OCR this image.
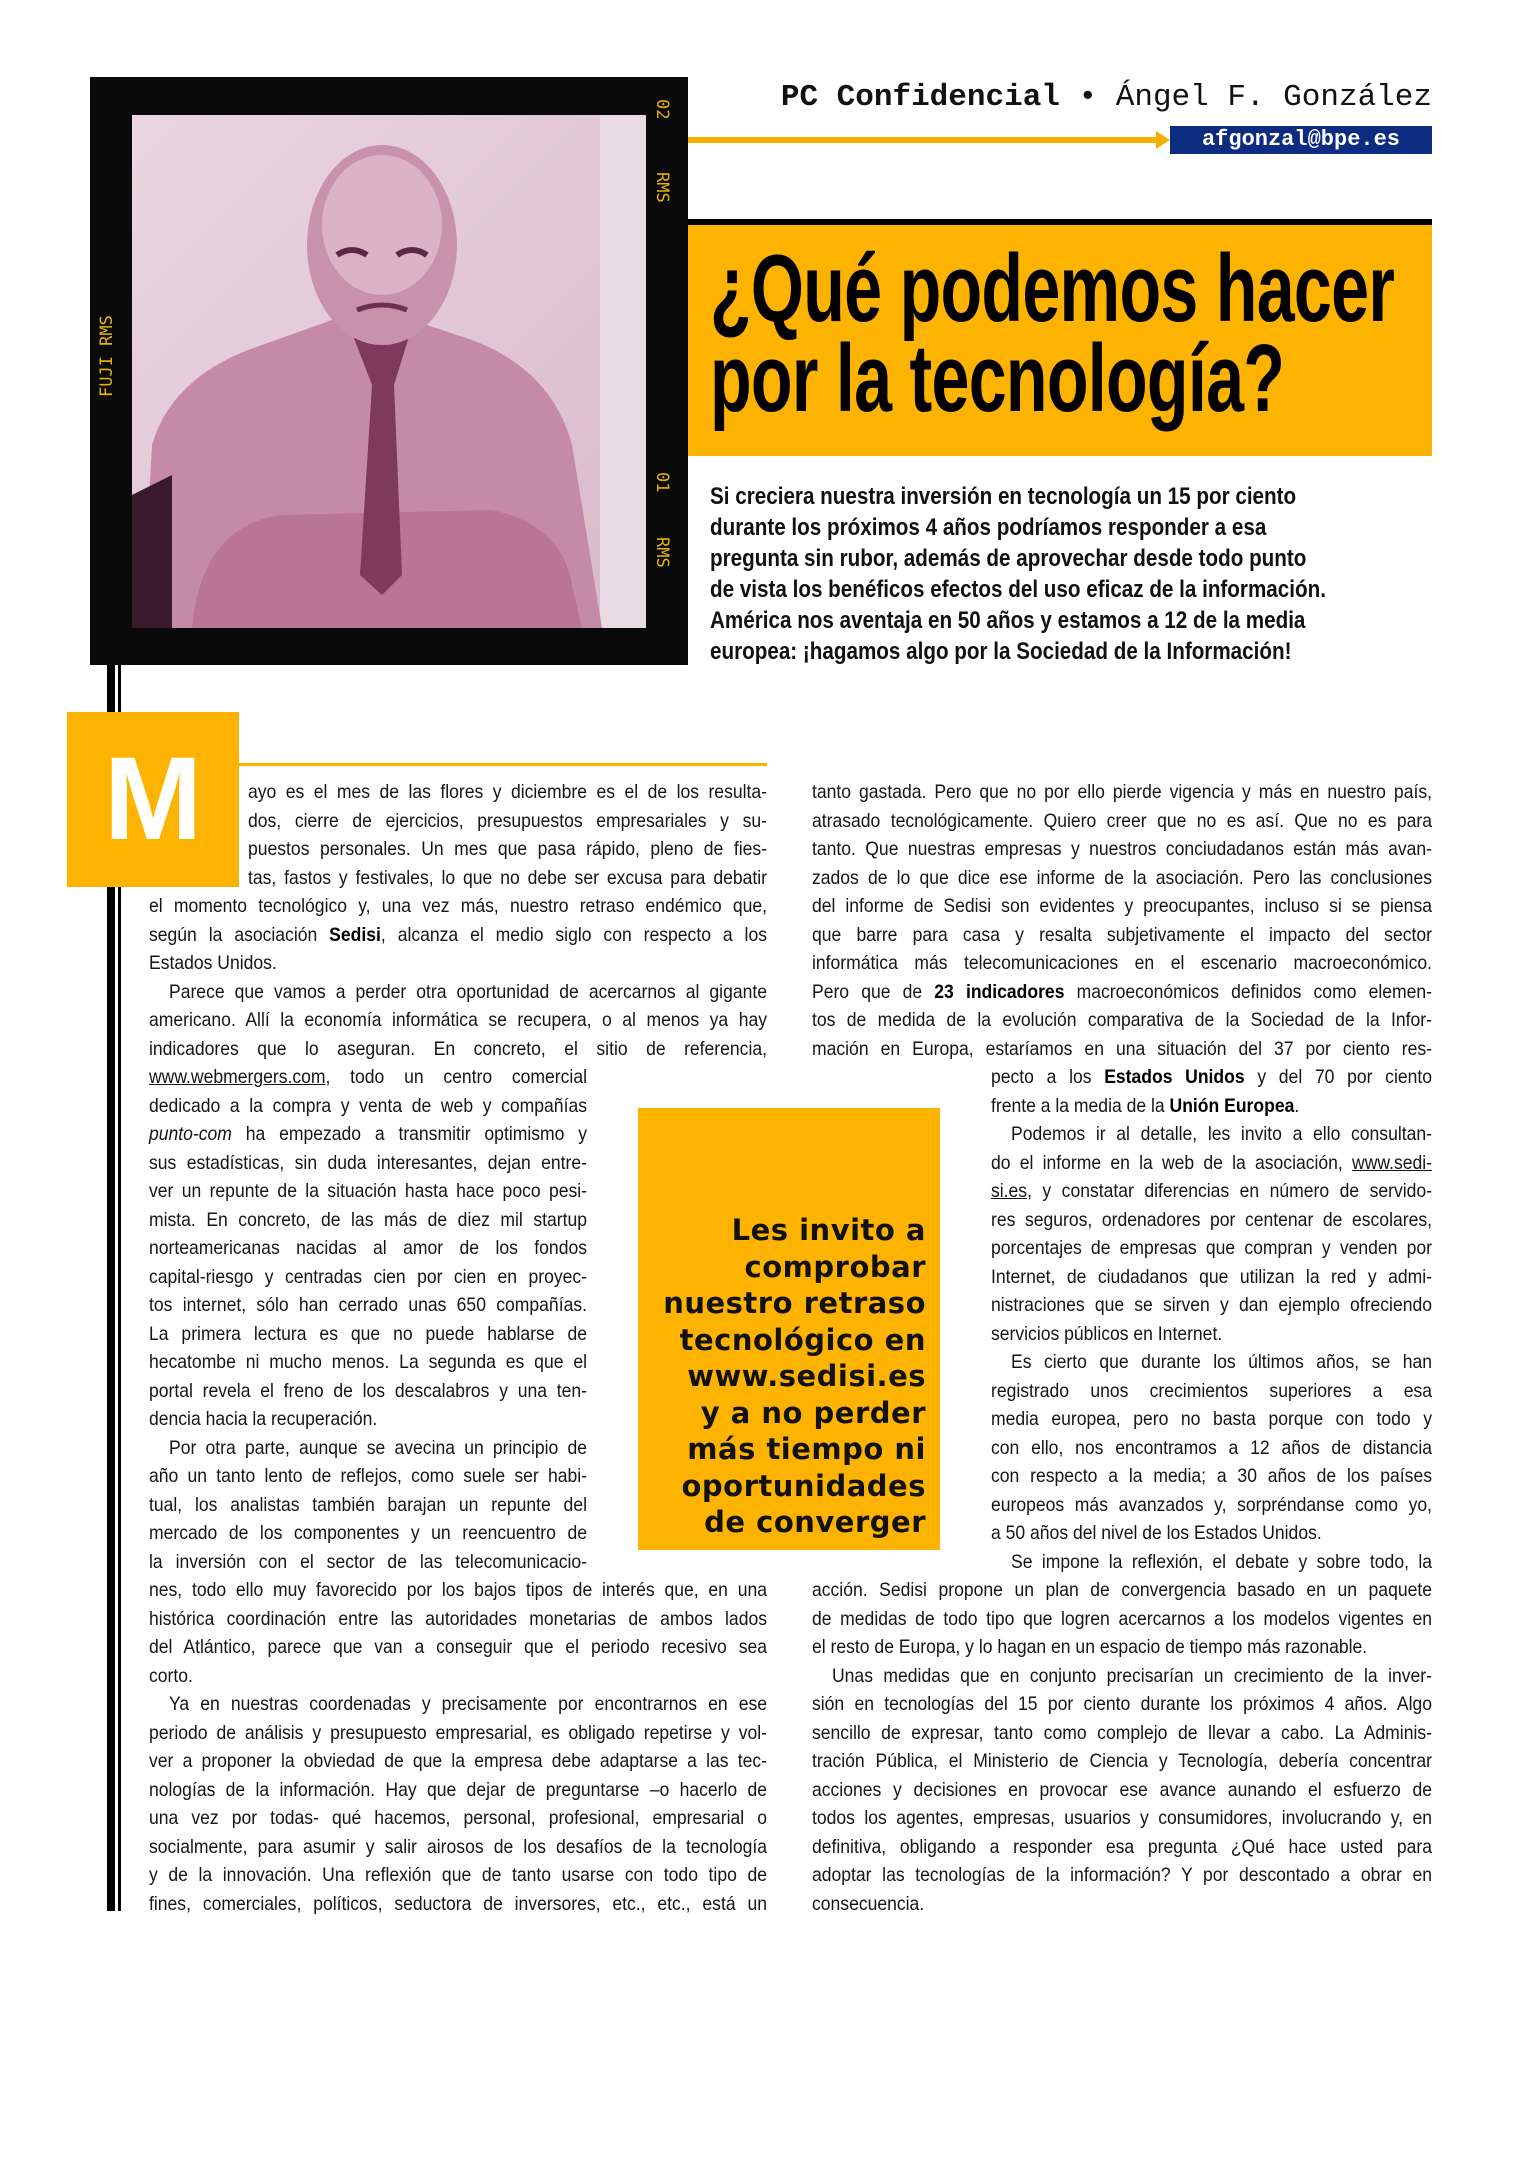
02
RMS
01
RMS
FUJI RMS
PC Confidencial • Ángel F. González
afgonzal@bpe.es
¿Qué podemos hacer
por la tecnología?
Si creciera nuestra inversión en tecnología un 15 por ciento
durante los próximos 4 años podríamos responder a esa
pregunta sin rubor, además de aprovechar desde todo punto
de vista los benéficos efectos del uso eficaz de la información.
América nos aventaja en 50 años y estamos a 12 de la media
europea: ¡hagamos algo por la Sociedad de la Información!
M	ayo es el mes de las flores y diciembre es el de los resulta-
dos, cierre de ejercicios, presupuestos empresariales y su-
puestos personales. Un mes que pasa rápido, pleno de fies-
tas, fastos y festivales, lo que no debe ser excusa para debatir
el momento tecnológico y, una vez más, nuestro retraso endémico que,
según la asociación Sedisi, alcanza el medio siglo con respecto a los
Estados Unidos.
Parece que vamos a perder otra oportunidad de acercarnos al gigante
americano. Allí la economía informática se recupera, o al menos ya hay
indicadores que lo aseguran. En concreto, el sitio de referencia,
www.webmergers.com, todo un centro comercial
dedicado a la compra y venta de web y compañías
punto-com ha empezado a transmitir optimismo y
sus estadísticas, sin duda interesantes, dejan entre-
ver un repunte de la situación hasta hace poco pesi-
mista. En concreto, de las más de diez mil startup
norteamericanas nacidas al amor de los fondos
capital-riesgo y centradas cien por cien en proyec-
tos internet, sólo han cerrado unas 650 compañías.
La primera lectura es que no puede hablarse de
hecatombe ni mucho menos. La segunda es que el
portal revela el freno de los descalabros y una ten-
dencia hacia la recuperación.
Por otra parte, aunque se avecina un principio de
año un tanto lento de reflejos, como suele ser habi-
tual, los analistas también barajan un repunte del
mercado de los componentes y un reencuentro de
la inversión con el sector de las telecomunicacio-
nes, todo ello muy favorecido por los bajos tipos de interés que, en una
histórica coordinación entre las autoridades monetarias de ambos lados
del Atlántico, parece que van a conseguir que el periodo recesivo sea
corto.
Ya en nuestras coordenadas y precisamente por encontrarnos en ese
periodo de análisis y presupuesto empresarial, es obligado repetirse y vol-
ver a proponer la obviedad de que la empresa debe adaptarse a las tec-
nologías de la información. Hay que dejar de preguntarse –o hacerlo de
una vez por todas- qué hacemos, personal, profesional, empresarial o
socialmente, para asumir y salir airosos de los desafíos de la tecnología
y de la innovación. Una reflexión que de tanto usarse con todo tipo de
fines, comerciales, políticos, seductora de inversores, etc., etc., está un
tanto gastada. Pero que no por ello pierde vigencia y más en nuestro país,
atrasado tecnológicamente. Quiero creer que no es así. Que no es para
tanto. Que nuestras empresas y nuestros conciudadanos están más avan-
zados de lo que dice ese informe de la asociación. Pero las conclusiones
del informe de Sedisi son evidentes y preocupantes, incluso si se piensa
que barre para casa y resalta subjetivamente el impacto del sector
informática más telecomunicaciones en el escenario macroeconómico.
Pero que de 23 indicadores macroeconómicos definidos como elemen-
tos de medida de la evolución comparativa de la Sociedad de la Infor-
mación en Europa, estaríamos en una situación del 37 por ciento res-
pecto a los Estados Unidos y del 70 por ciento
frente a la media de la Unión Europea.
Podemos ir al detalle, les invito a ello consultan-
do el informe en la web de la asociación, www.sedi-
si.es, y constatar diferencias en número de servido-
res seguros, ordenadores por centenar de escolares,
porcentajes de empresas que compran y venden por
Internet, de ciudadanos que utilizan la red y admi-
nistraciones que se sirven y dan ejemplo ofreciendo
servicios públicos en Internet.
Es cierto que durante los últimos años, se han
registrado unos crecimientos superiores a esa
media europea, pero no basta porque con todo y
con ello, nos encontramos a 12 años de distancia
con respecto a la media; a 30 años de los países
europeos más avanzados y, sorpréndanse como yo,
a 50 años del nivel de los Estados Unidos.
Se impone la reflexión, el debate y sobre todo, la
acción. Sedisi propone un plan de convergencia basado en un paquete
de medidas de todo tipo que logren acercarnos a los modelos vigentes en
el resto de Europa, y lo hagan en un espacio de tiempo más razonable.
Unas medidas que en conjunto precisarían un crecimiento de la inver-
sión en tecnologías del 15 por ciento durante los próximos 4 años. Algo
sencillo de expresar, tanto como complejo de llevar a cabo. La Adminis-
tración Pública, el Ministerio de Ciencia y Tecnología, debería concentrar
acciones y decisiones en provocar ese avance aunando el esfuerzo de
todos los agentes, empresas, usuarios y consumidores, involucrando y, en
definitiva, obligando a responder esa pregunta ¿Qué hace usted para
adoptar las tecnologías de la información? Y por descontado a obrar en
consecuencia.
Les invito a
comprobar
nuestro retraso
tecnológico en
www.sedisi.es
y a no perder
más tiempo ni
oportunidades
de converger
